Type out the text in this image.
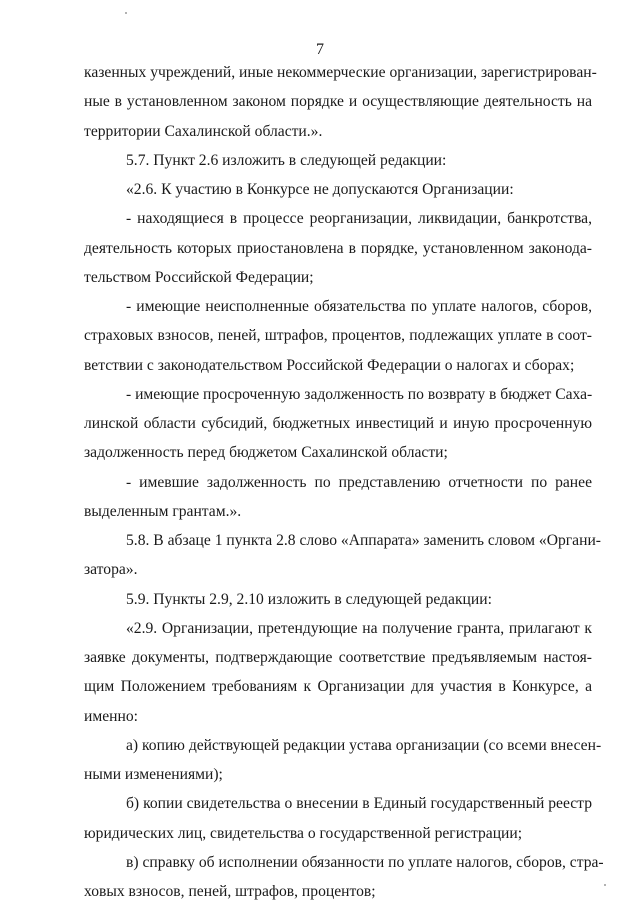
7
казенных учреждений, иные некоммерческие организации, зарегистрирован-
ные в установленном законом порядке и осуществляющие деятельность на
территории Сахалинской области.».
5.7. Пункт 2.6 изложить в следующей редакции:
«2.6. К участию в Конкурсе не допускаются Организации:
- находящиеся в процессе реорганизации, ликвидации, банкротства,
деятельность которых приостановлена в порядке, установленном законода-
тельством Российской Федерации;
- имеющие неисполненные обязательства по уплате налогов, сборов,
страховых взносов, пеней, штрафов, процентов, подлежащих уплате в соот-
ветствии с законодательством Российской Федерации о налогах и сборах;
- имеющие просроченную задолженность по возврату в бюджет Саха-
линской области субсидий, бюджетных инвестиций и иную просроченную
задолженность перед бюджетом Сахалинской области;
- имевшие задолженность по представлению отчетности по ранее
выделенным грантам.».
5.8. В абзаце 1 пункта 2.8 слово «Аппарата» заменить словом «Органи-
затора».
5.9. Пункты 2.9, 2.10 изложить в следующей редакции:
«2.9. Организации, претендующие на получение гранта, прилагают к
заявке документы, подтверждающие соответствие предъявляемым настоя-
щим Положением требованиям к Организации для участия в Конкурсе, а
именно:
а) копию действующей редакции устава организации (со всеми внесен-
ными изменениями);
б) копии свидетельства о внесении в Единый государственный реестр
юридических лиц, свидетельства о государственной регистрации;
в) справку об исполнении обязанности по уплате налогов, сборов, стра-
ховых взносов, пеней, штрафов, процентов;
